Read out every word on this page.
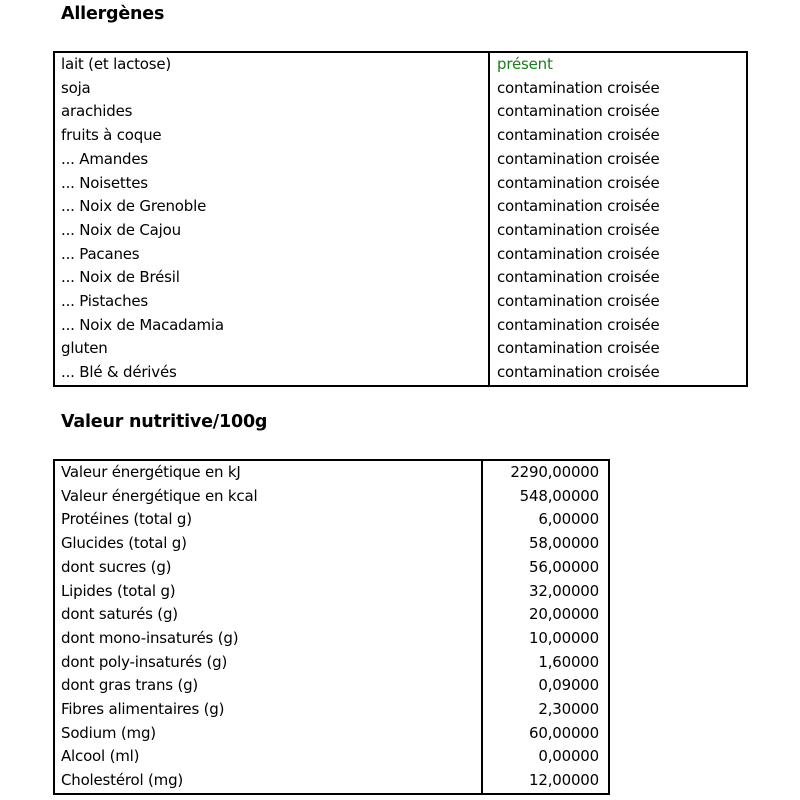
Allergènes
lait (et lactose)	présent
soja	contamination croisée
arachides	contamination croisée
fruits à coque	contamination croisée
... Amandes	contamination croisée
... Noisettes	contamination croisée
... Noix de Grenoble	contamination croisée
... Noix de Cajou	contamination croisée
... Pacanes	contamination croisée
... Noix de Brésil	contamination croisée
... Pistaches	contamination croisée
... Noix de Macadamia	contamination croisée
gluten	contamination croisée
... Blé & dérivés	contamination croisée
Valeur nutritive/100g
Valeur énergétique en kJ	2290,00000
Valeur énergétique en kcal	548,00000
Protéines (total g)	6,00000
Glucides (total g)	58,00000
dont sucres (g)	56,00000
Lipides (total g)	32,00000
dont saturés (g)	20,00000
dont mono-insaturés (g)	10,00000
dont poly-insaturés (g)	1,60000
dont gras trans (g)	0,09000
Fibres alimentaires (g)	2,30000
Sodium (mg)	60,00000
Alcool (ml)	0,00000
Cholestérol (mg)	12,00000
